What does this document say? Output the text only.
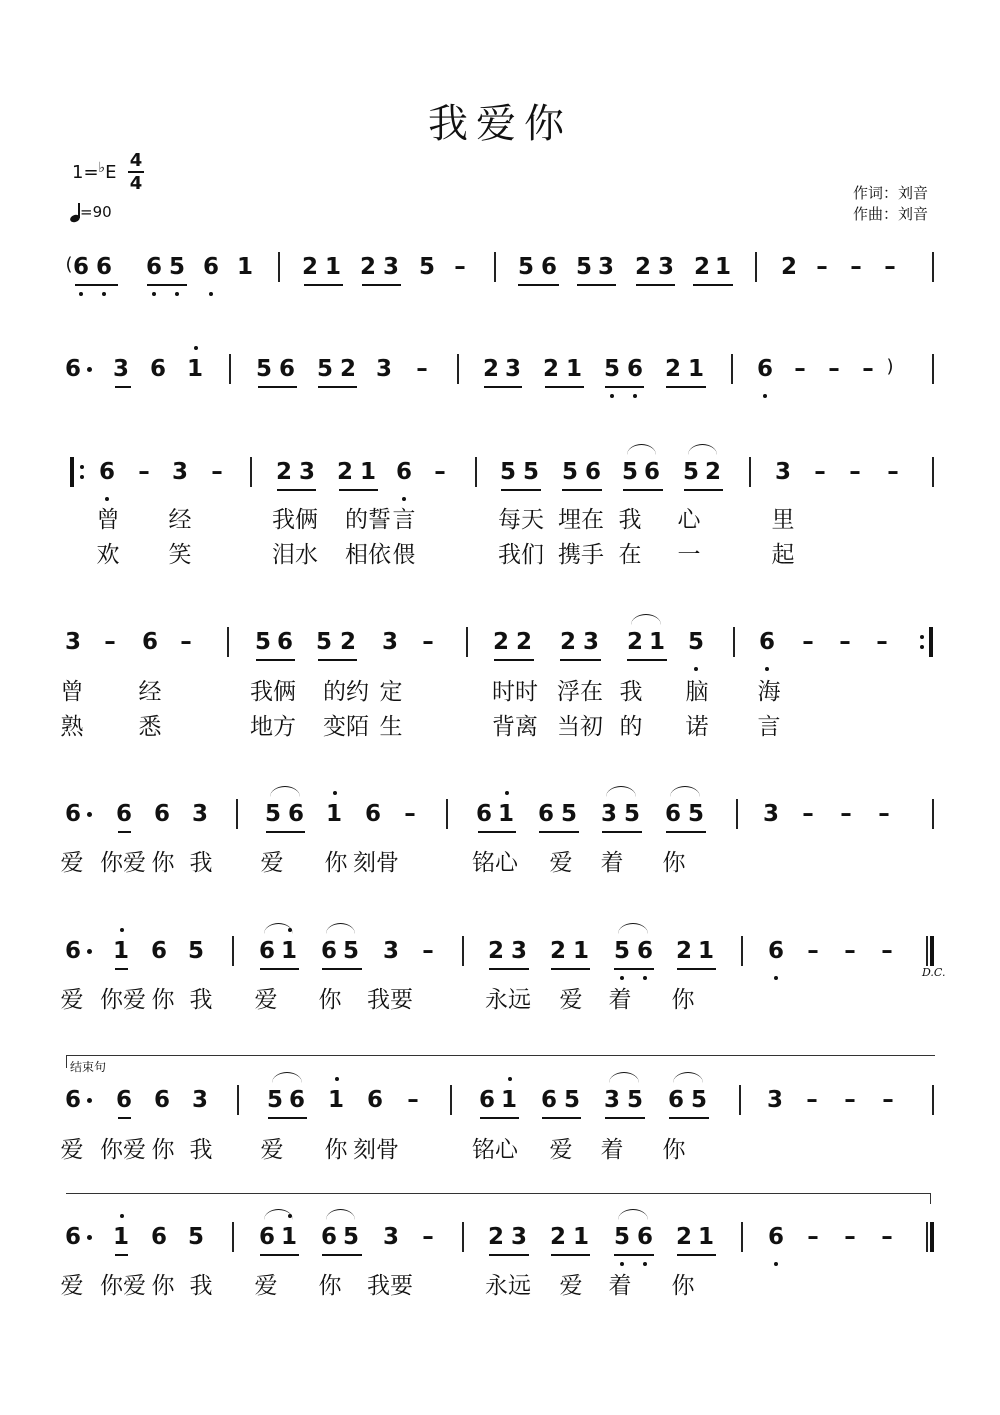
我爱你
1=♭E
4
4
=90
作词：刘音
作曲：刘音
( 6 6 6 5 6 1 2 1 2 3 5 – 5 6 5 3 2 3 2 1 2 – – –
6 3 6 1 5 6 5 2 3 – 2 3 2 1 5 6 2 1 6 – – – )
6 – 3 – 2 3 2 1 6 – 5 5 5 6 5 6 5 2 3 – – –
曾 经	我俩 的誓 言	每天 埋在 我 心	里
欢 笑	泪水 相依 偎	我们 携手 在 一	起
3 – 6 –	5 6 5 2 3 –	2 2 2 3 2 1 5 6 – – –
曾 经	我俩 的约 定	时时 浮在 我 脑 海
熟 悉	地方 变陌 生	背离 当初 的 诺 言
6 6 6 3 5 6 1 6 –	6 1 6 5 3 5 6 5	3 – – –
爱 你爱 你 我 爱 你 刻骨	铭心 爱 着 你
6 1 6 5 6 1 6 5 3 – 2 3 2 1 5 6 2 1 6 – – –
爱 你爱 你 我 爱 你 我要	永远 爱 着 你
6 6 6 3	5 6 1 6 –	6 1 6 5 3 5 6 5	3 – – –
爱 你爱 你 我 爱 你 刻骨	铭心 爱 着 你
6 1 6 5 6 1 6 5 3 – 2 3 2 1 5 6 2 1 6 – – –
爱 你爱 你 我 爱 你 我要	永远 爱 着 你
D.C.
结束句
